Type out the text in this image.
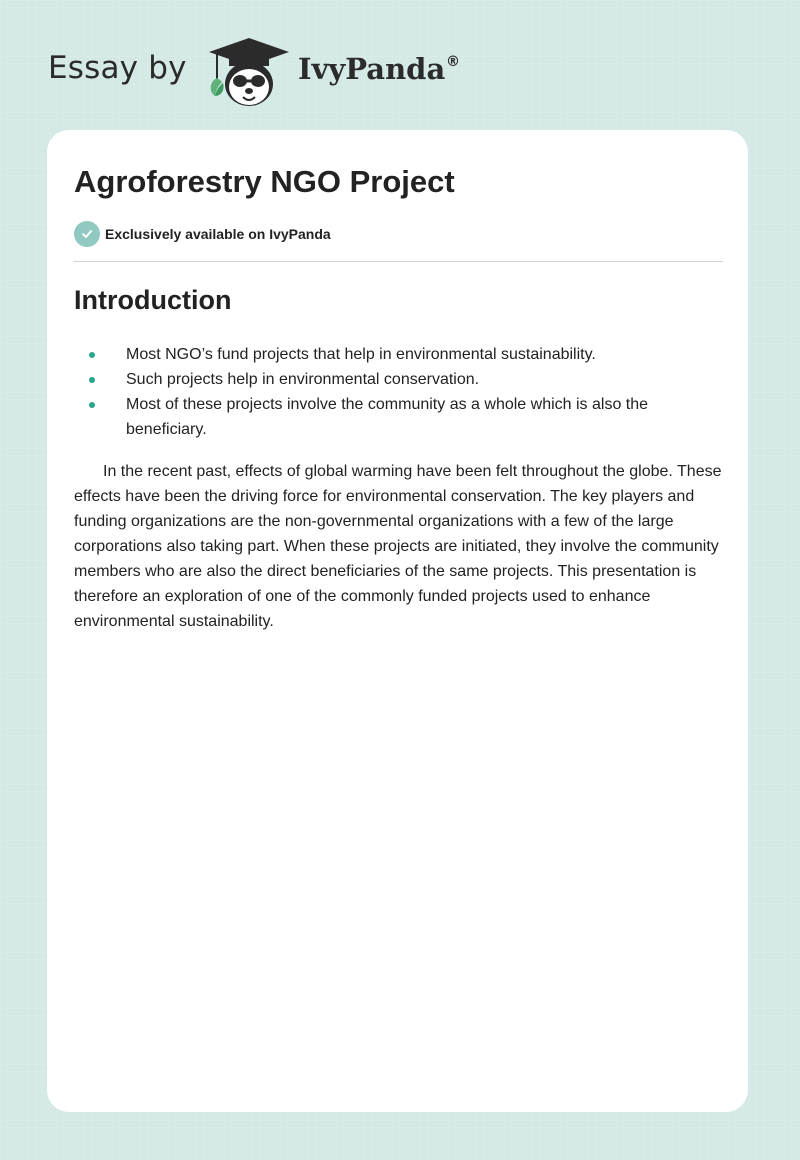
Essay by	IvyPanda ®
Agroforestry NGO Project
Exclusively available on IvyPanda
Introduction
Most NGO’s fund projects that help in environmental sustainability.
Such projects help in environmental conservation.
Most of these projects involve the community as a whole which is also the beneficiary.

In the recent past, effects of global warming have been felt throughout the globe. These effects have been the driving force for environmental conservation. The key players and funding organizations are the non-governmental organizations with a few of the large corporations also taking part. When these projects are initiated, they involve the community members who are also the direct beneficiaries of the same projects. This presentation is therefore an exploration of one of the commonly funded projects used to enhance environmental sustainability.
